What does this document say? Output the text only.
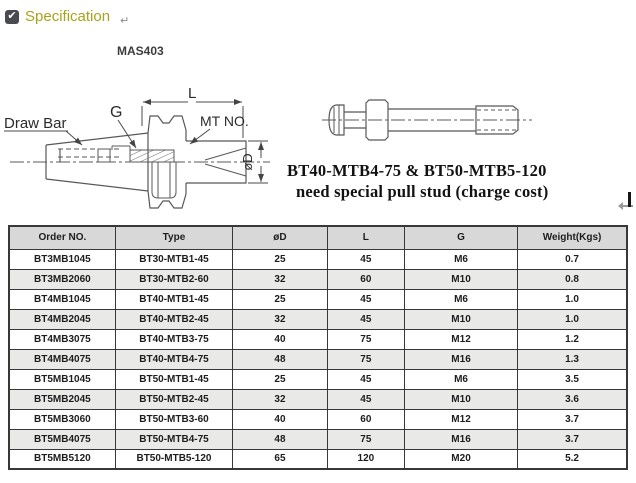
✔ Specification ↵
MAS403
Draw Bar
G
L
MT NO.
øD BT40-MTB4-75 & BT50-MTB5-120
need special pull stud (charge cost)
Order NO.	Type	øD	L	G	Weight(Kgs)
BT3MB1045	BT30-MTB1-45	25	45	M6	0.7
BT3MB2060	BT30-MTB2-60	32	60	M10	0.8
BT4MB1045	BT40-MTB1-45	25	45	M6	1.0
BT4MB2045	BT40-MTB2-45	32	45	M10	1.0
BT4MB3075	BT40-MTB3-75	40	75	M12	1.2
BT4MB4075	BT40-MTB4-75	48	75	M16	1.3
BT5MB1045	BT50-MTB1-45	25	45	M6	3.5
BT5MB2045	BT50-MTB2-45	32	45	M10	3.6
BT5MB3060	BT50-MTB3-60	40	60	M12	3.7
BT5MB4075	BT50-MTB4-75	48	75	M16	3.7
BT5MB5120	BT50-MTB5-120	65	120	M20	5.2
